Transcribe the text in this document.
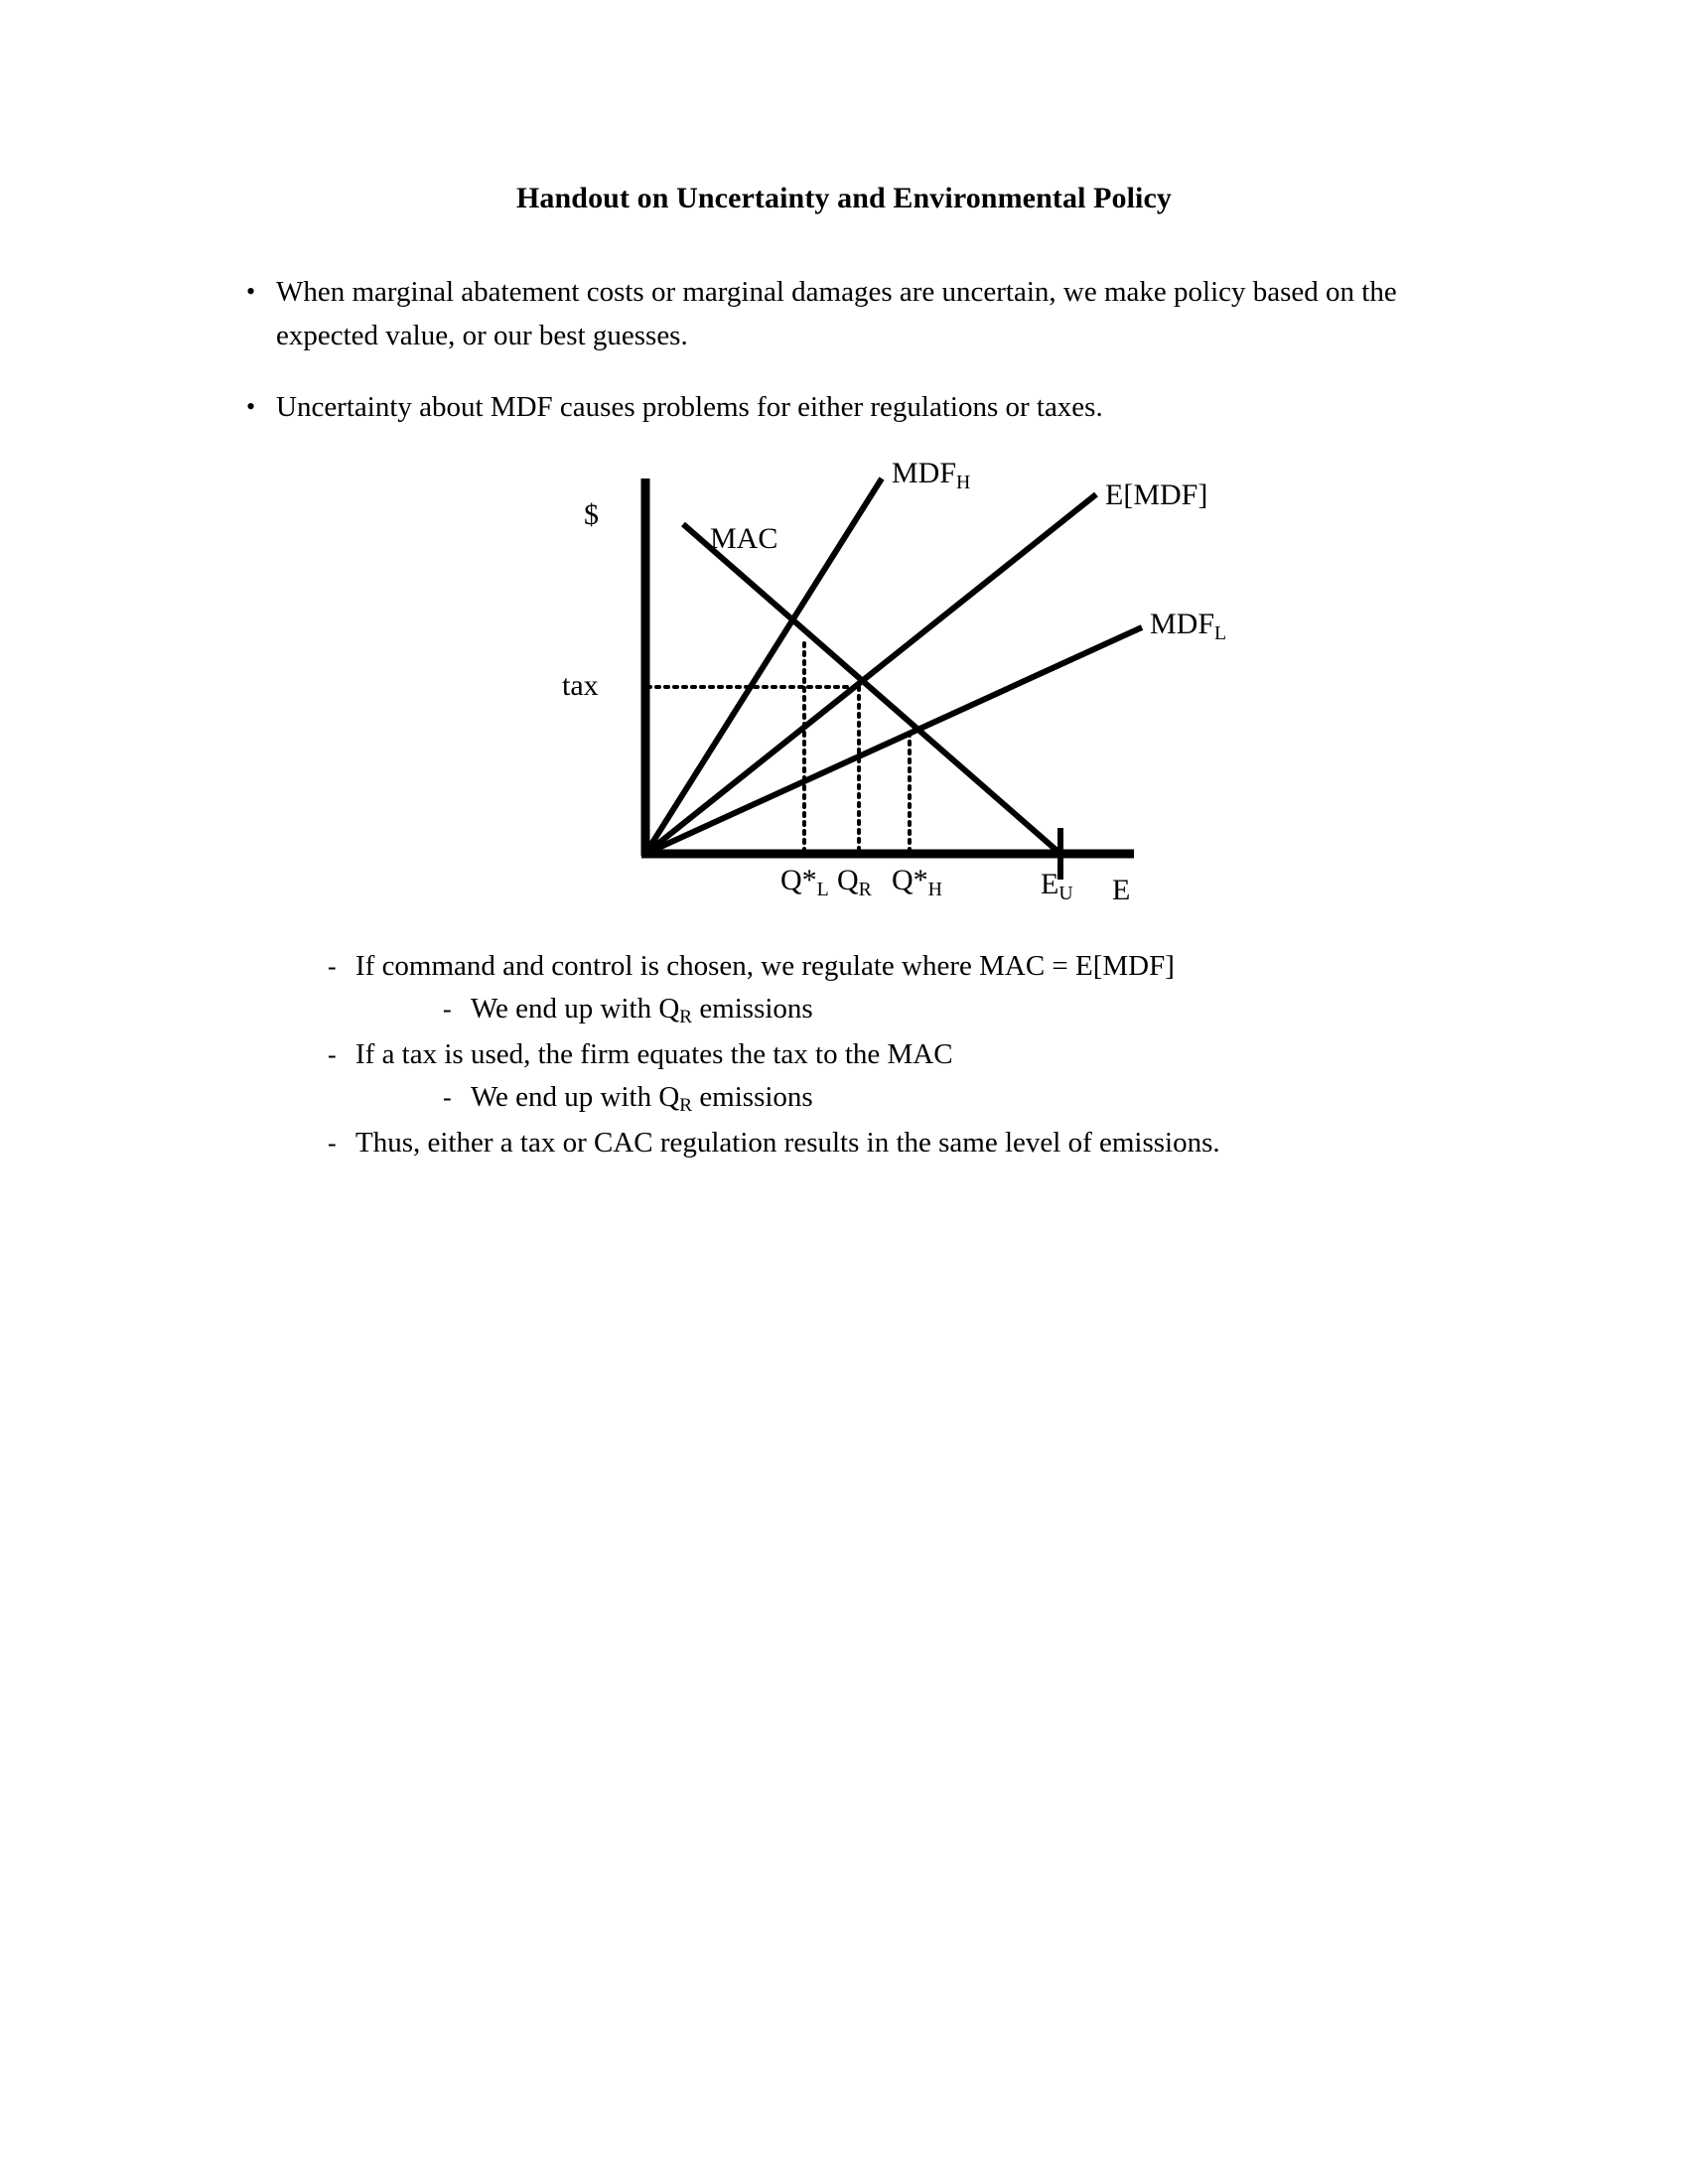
Handout on Uncertainty and Environmental Policy
• When marginal abatement costs or marginal damages are uncertain, we make policy based on the expected value, or our best guesses.
• Uncertainty about MDF causes problems for either regulations or taxes.
$
MAC
$MDF_H$	E[MDF]
$MDF_L$
tax
$Q*_L$ $Q_R$ $Q*_H$	$E_U$ E
- If command and control is chosen, we regulate where MAC = E[MDF]
- We end up with $Q_R$ emissions
- If a tax is used, the firm equates the tax to the MAC
- We end up with $Q_R$ emissions
- Thus, either a tax or CAC regulation results in the same level of emissions.
